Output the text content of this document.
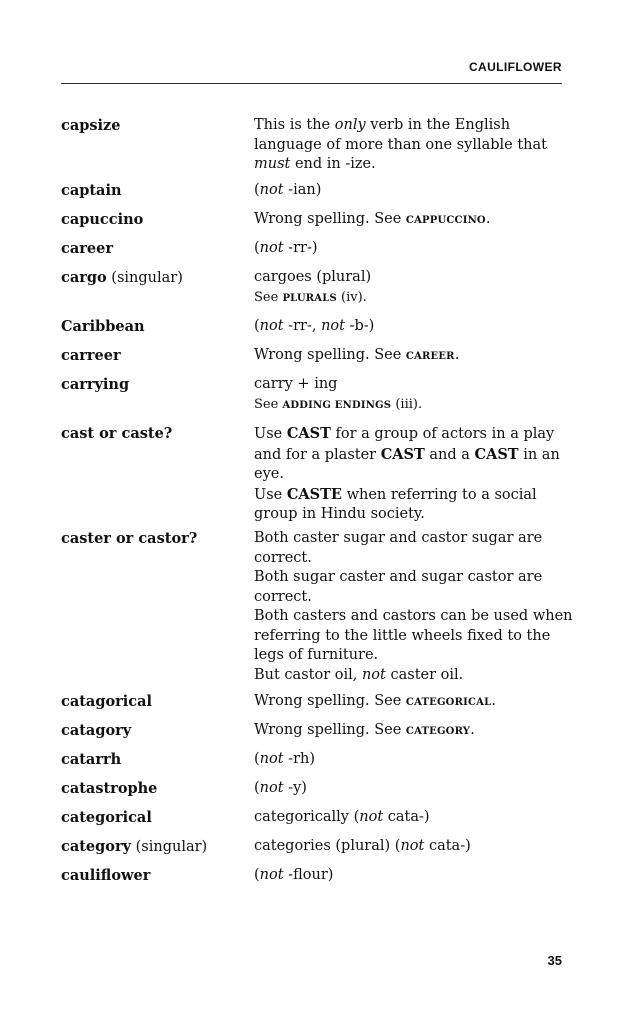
CAULIFLOWER
capsize	This is the only verb in the English
language of more than one syllable that
must end in -ize.
captain	(not -ian)
capuccino	Wrong spelling. See CAPPUCCINO.
career	(not -rr-)
cargo (singular)	cargoes (plural)
See PLURALS (iv).
Caribbean	(not -rr-, not -b-)
carreer	Wrong spelling. See CAREER.
carrying	carry + ing
See ADDING ENDINGS (iii).
cast or caste?	Use CAST for a group of actors in a play
and for a plaster CAST and a CAST in an
eye.
Use CASTE when referring to a social
group in Hindu society.
caster or castor?	Both caster sugar and castor sugar are
correct.
Both sugar caster and sugar castor are
correct.
Both casters and castors can be used when
referring to the little wheels fixed to the
legs of furniture.
But castor oil, not caster oil.
catagorical	Wrong spelling. See CATEGORICAL.
catagory	Wrong spelling. See CATEGORY.
catarrh	(not -rh)
catastrophe	(not -y)
categorical	categorically (not cata-)
category (singular)	categories (plural) (not cata-)
cauliflower	(not -flour)
35
